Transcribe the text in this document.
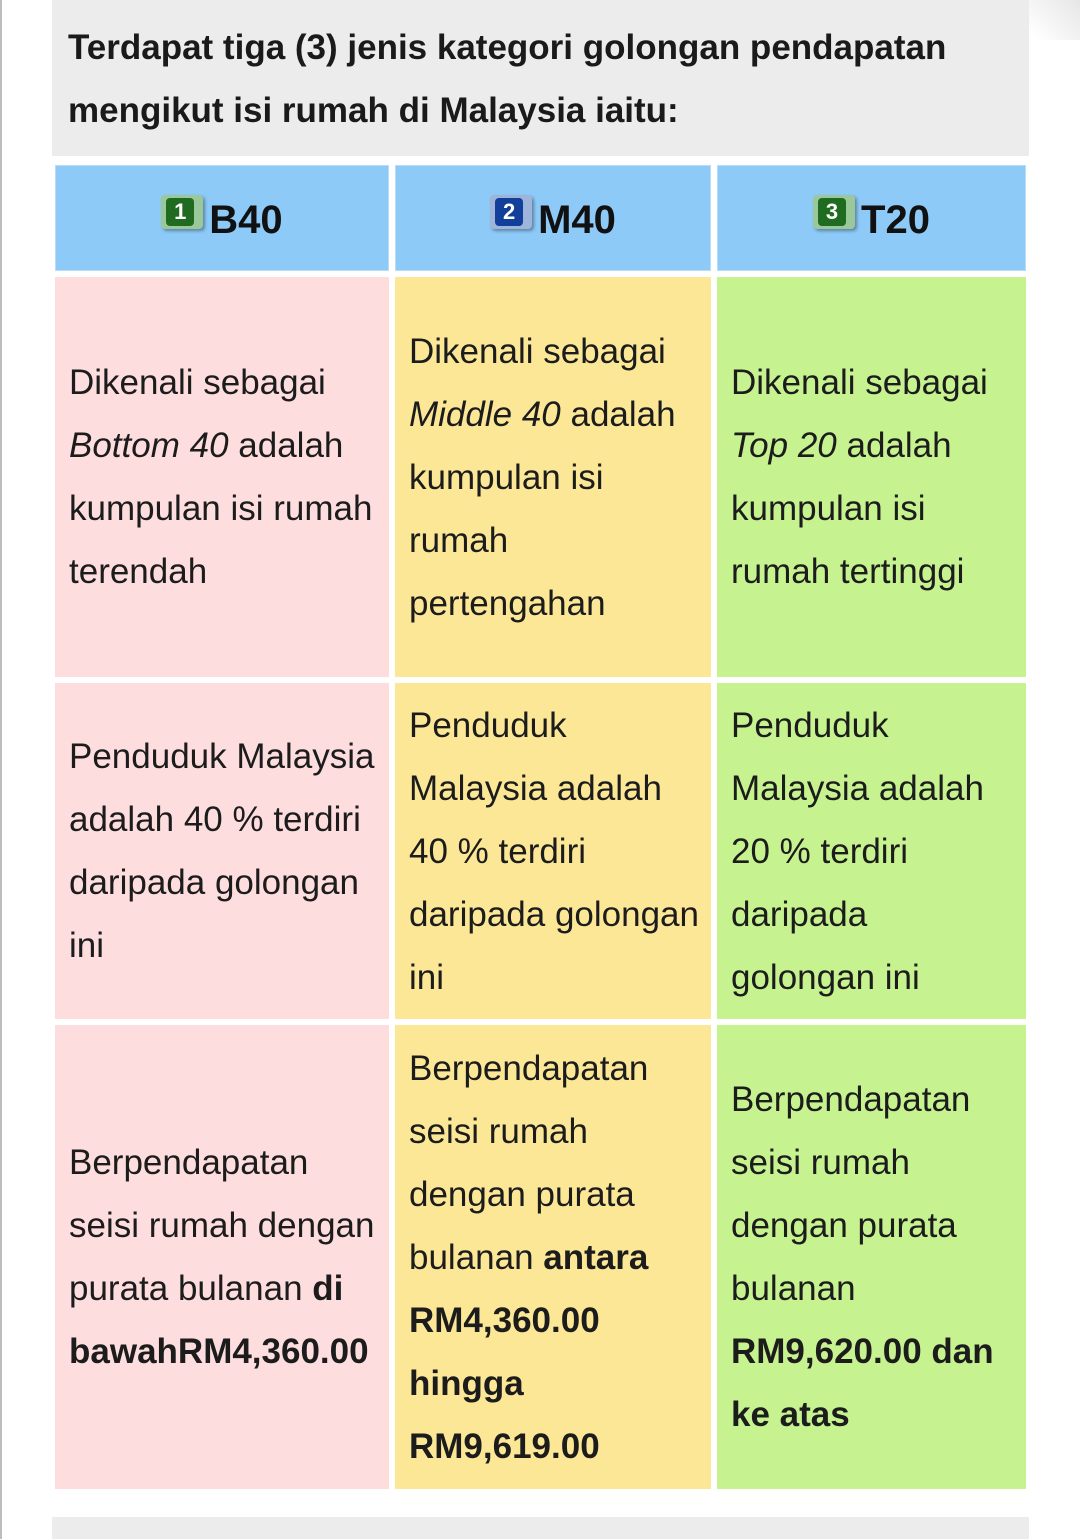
Terdapat tiga (3) jenis kategori golongan pendapatan
mengikut isi rumah di Malaysia iaitu:
1 B40	2 M40	3 T20

Dikenali sebagai Bottom 40 adalah kumpulan isi rumah terendah	Dikenali sebagai Middle 40 adalah kumpulan isi rumah pertengahan	Dikenali sebagai Top 20 adalah kumpulan isi rumah tertinggi
Penduduk Malaysia adalah 40 % terdiri daripada golongan ini	Penduduk Malaysia adalah 40 % terdiri daripada golongan ini	Penduduk Malaysia adalah 20 % terdiri daripada golongan ini
Berpendapatan seisi rumah dengan purata bulanan di bawahRM4,360.00	Berpendapatan seisi rumah dengan purata bulanan antara RM4,360.00 hingga RM9,619.00	Berpendapatan seisi rumah dengan purata bulanan RM9,620.00 dan ke atas
